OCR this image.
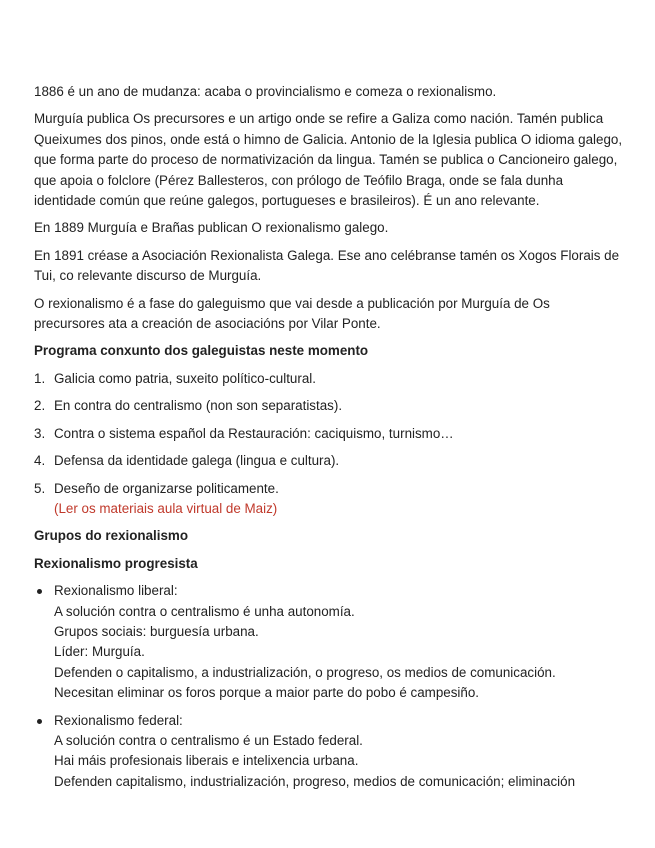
1886 é un ano de mudanza: acaba o provincialismo e comeza o rexionalismo.

Murguía publica Os precursores e un artigo onde se refire a Galiza como nación. Tamén publica Queixumes dos pinos, onde está o himno de Galicia. Antonio de la Iglesia publica O idioma galego, que forma parte do proceso de normativización da lingua. Tamén se publica o Cancioneiro galego, que apoia o folclore (Pérez Ballesteros, con prólogo de Teófilo Braga, onde se fala dunha identidade común que reúne galegos, portugueses e brasileiros). É un ano relevante.

En 1889 Murguía e Brañas publican O rexionalismo galego.

En 1891 créase a Asociación Rexionalista Galega. Ese ano celébranse tamén os Xogos Florais de Tui, co relevante discurso de Murguía.

O rexionalismo é a fase do galeguismo que vai desde a publicación por Murguía de Os precursores ata a creación de asociacións por Vilar Ponte.

Programa conxunto dos galeguistas neste momento
1. Galicia como patria, suxeito político-cultural.
2. En contra do centralismo (non son separatistas).
3. Contra o sistema español da Restauración: caciquismo, turnismo…
4. Defensa da identidade galega (lingua e cultura).
5. Deseño de organizarse politicamente.
(Ler os materiais aula virtual de Maiz)
Grupos do rexionalismo
Rexionalismo progresista
Rexionalismo liberal:
A solución contra o centralismo é unha autonomía.
Grupos sociais: burguesía urbana.
Líder: Murguía.
Defenden o capitalismo, a industrialización, o progreso, os medios de comunicación.
Necesitan eliminar os foros porque a maior parte do pobo é campesiño.
Rexionalismo federal:
A solución contra o centralismo é un Estado federal.
Hai máis profesionais liberais e intelixencia urbana.
Defenden capitalismo, industrialización, progreso, medios de comunicación; eliminación
